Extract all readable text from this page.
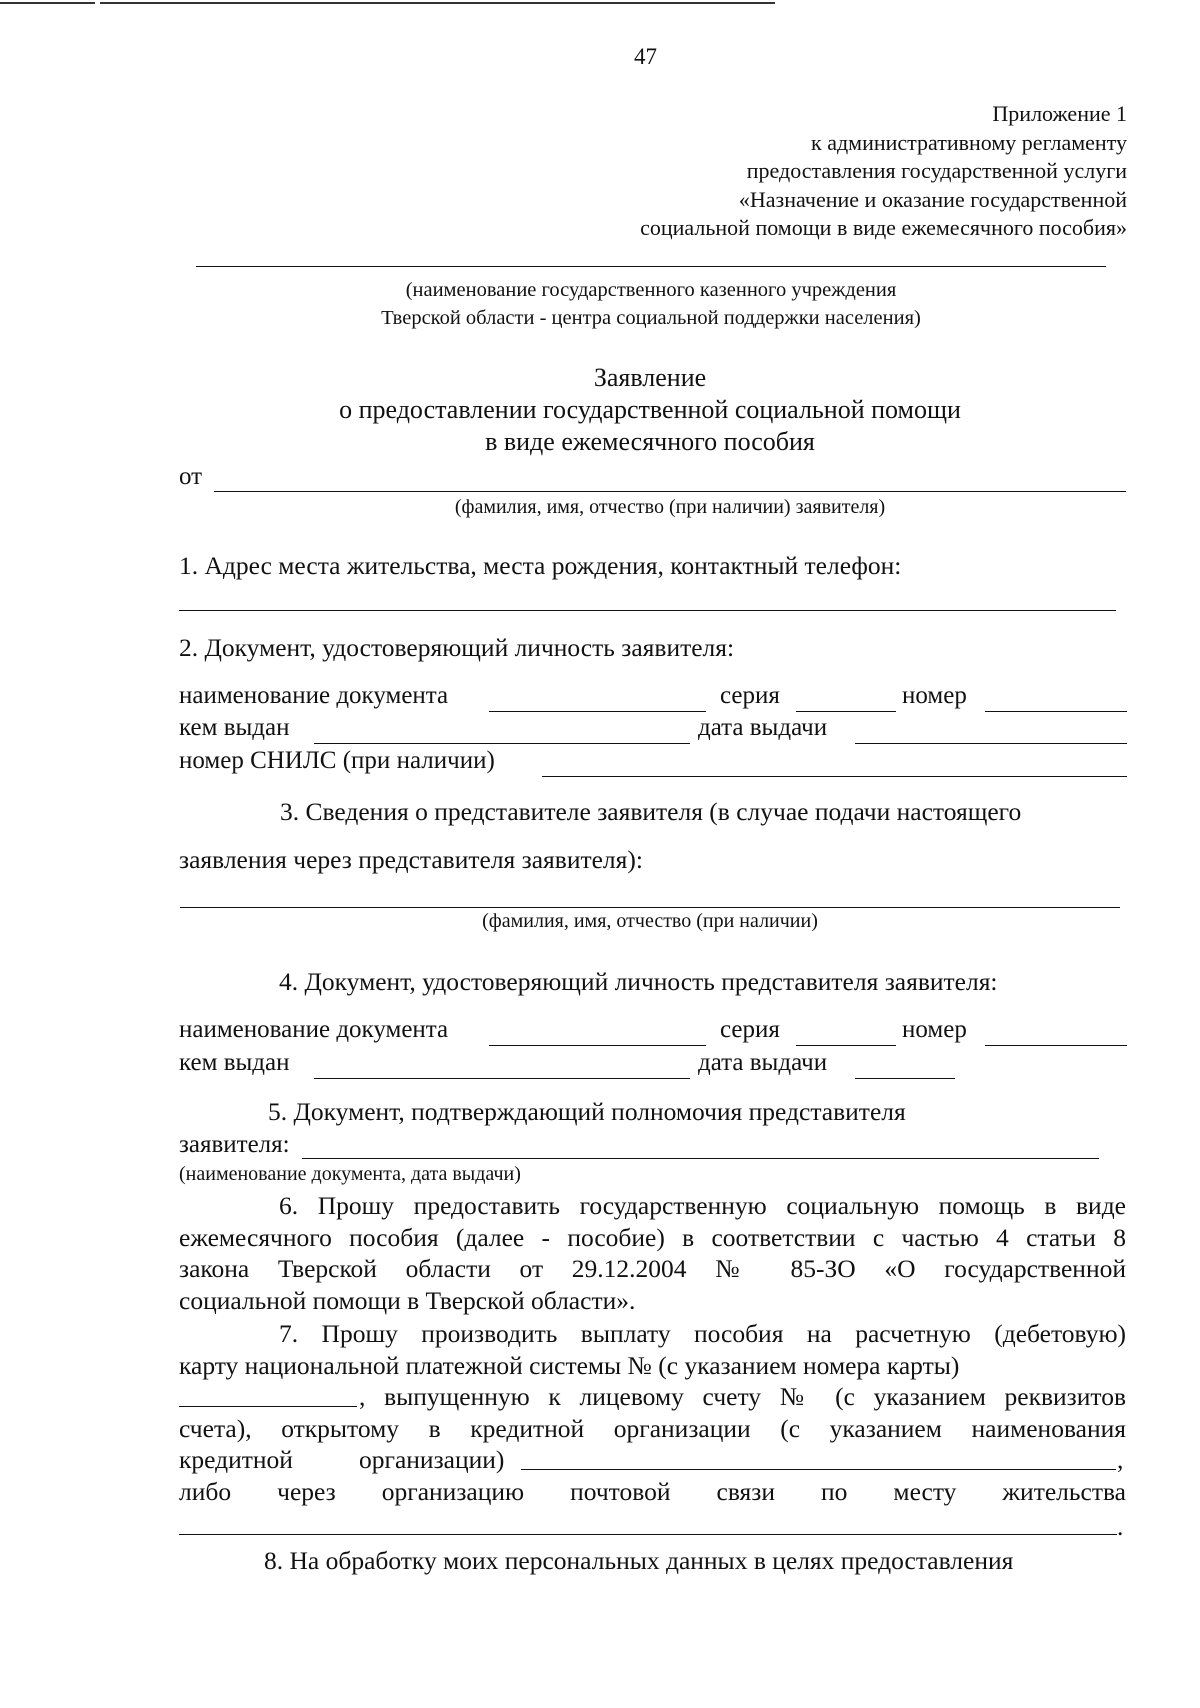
47
Приложение 1
к административному регламенту
предоставления государственной услуги
«Назначение и оказание государственной
социальной помощи в виде ежемесячного пособия»
(наименование государственного казенного учреждения
Тверской области - центра социальной поддержки населения)
Заявление
о предоставлении государственной социальной помощи
в виде ежемесячного пособия
от
(фамилия, имя, отчество (при наличии) заявителя)
1. Адрес места жительства, места рождения, контактный телефон:
2. Документ, удостоверяющий личность заявителя:
наименование документа	серия	номер
кем выдан	дата выдачи
номер СНИЛС (при наличии)
3. Сведения о представителе заявителя (в случае подачи настоящего
заявления через представителя заявителя):
(фамилия, имя, отчество (при наличии)
4. Документ, удостоверяющий личность представителя заявителя:
наименование документа	серия	номер
кем выдан	дата выдачи
5. Документ, подтверждающий полномочия представителя
заявителя:
(наименование документа, дата выдачи)
6. Прошу предоставить государственную социальную помощь в виде
ежемесячного пособия (далее - пособие) в соответствии с частью 4 статьи 8
закона Тверской области от 29.12.2004 № 85-ЗО «О государственной
социальной помощи в Тверской области».
7. Прошу производить выплату пособия на расчетную (дебетовую)
карту национальной платежной системы № (с указанием номера карты)
, выпущенную к лицевому счету № (с указанием реквизитов
счета), открытому в кредитной организации (с указанием наименования
кредитной	организации)	,
либо через организацию почтовой связи по месту жительства
.
8. На обработку моих персональных данных в целях предоставления
